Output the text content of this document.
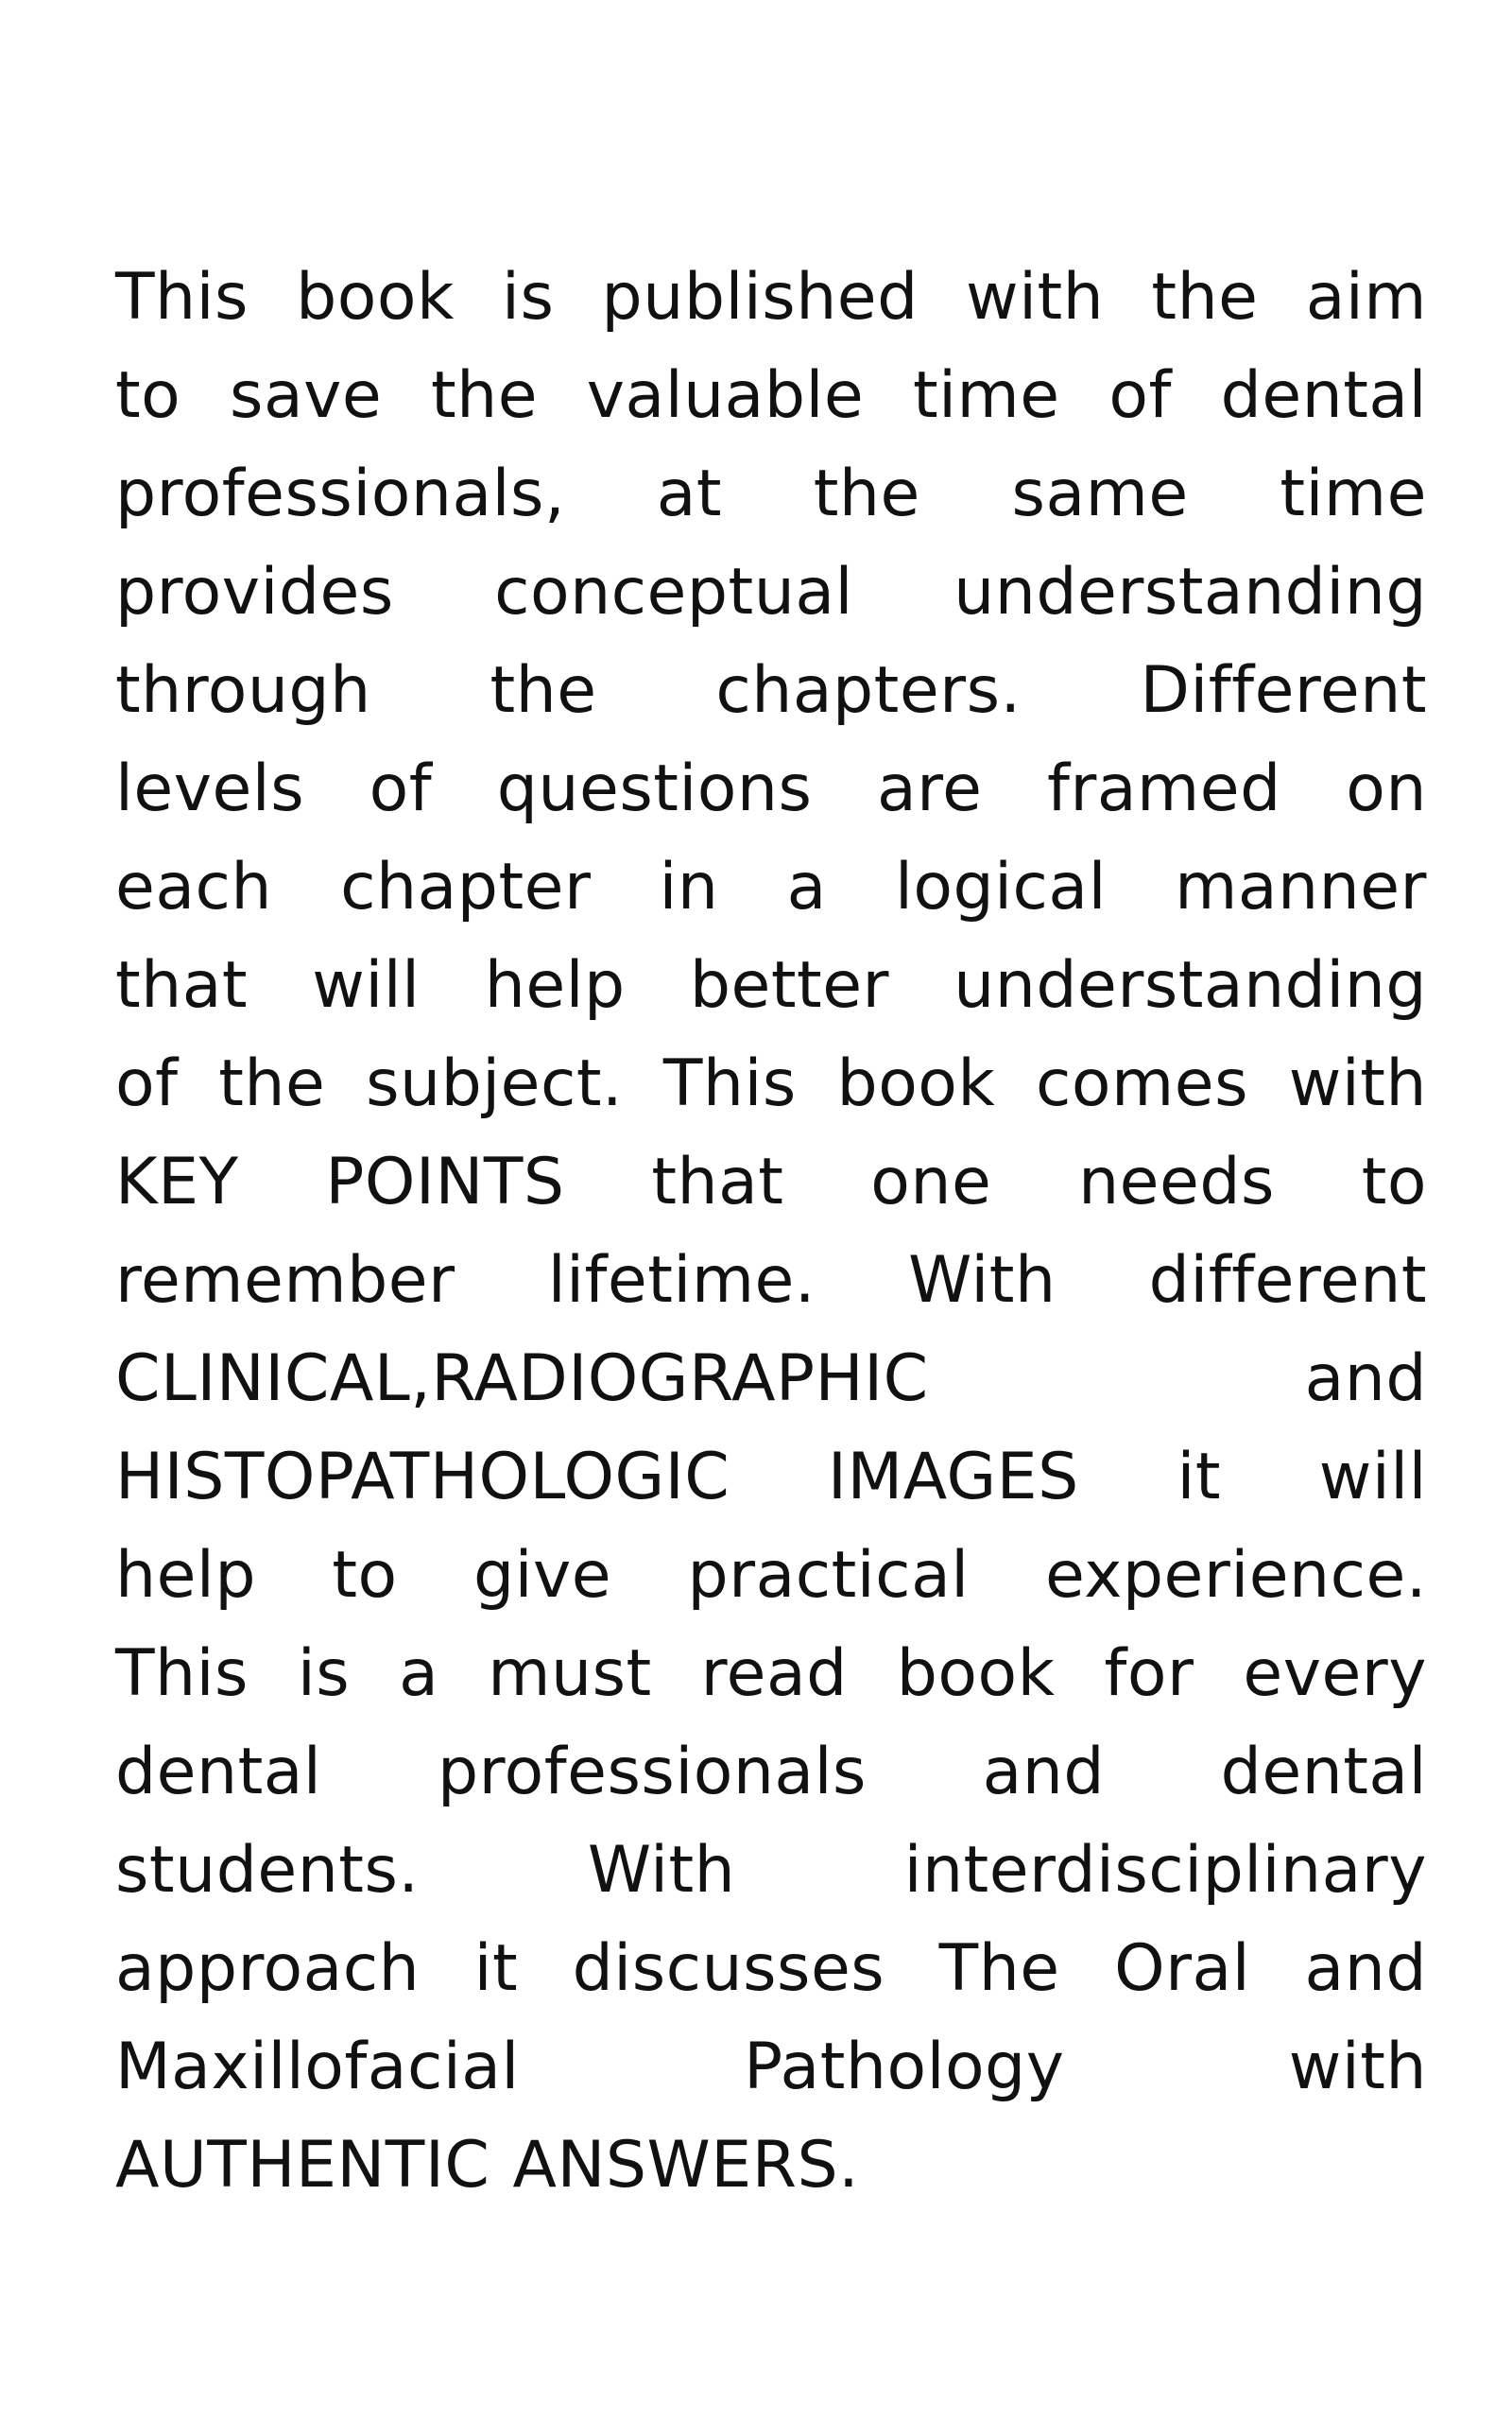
This book is published with the aim
to save the valuable time of dental
professionals, at the same time
provides conceptual understanding
through the chapters. Different
levels of questions are framed on
each chapter in a logical manner
that will help better understanding
of the subject. This book comes with
KEY POINTS that one needs to
remember lifetime. With different
CLINICAL,RADIOGRAPHIC and
HISTOPATHOLOGIC IMAGES it will
help to give practical experience.
This is a must read book for every
dental professionals and dental
students. With interdisciplinary
approach it discusses The Oral and
Maxillofacial Pathology with
AUTHENTIC ANSWERS.
